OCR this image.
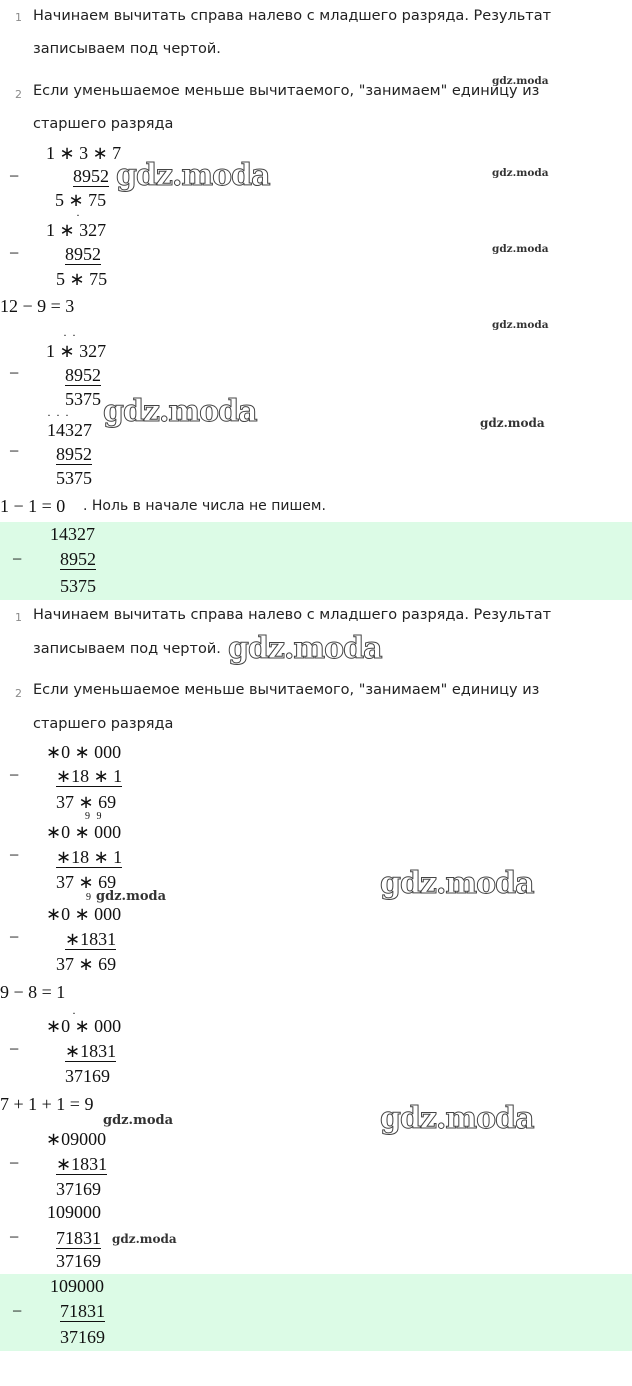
1 Начинаем вычитать справа налево с младшего разряда. Результат
записываем под чертой.
2 Если уменьшаемое меньше вычитаемого, "занимаем" единицу из
старшего разряда
1 ∗ 3 ∗ 7
−	8952
5 ∗ 75
·
1 ∗ 327
−	8952
5 ∗ 75
12 − 9 = 3
· ·
1 ∗ 327
−	8952
5375
· · ·
14327
− 8952
5375
1 − 1 = 0 . Ноль в начале числа не пишем.
14327
− 8952
5375
1 Начинаем вычитать справа налево с младшего разряда. Результат
записываем под чертой.
2 Если уменьшаемое меньше вычитаемого, "занимаем" единицу из
старшего разряда
∗0 ∗ 000
− ∗18 ∗ 1
37 ∗ 69
9 9
∗0 ∗ 000
− ∗18 ∗ 1
37 ∗ 69
9
∗0 ∗ 000
−	∗1831
37 ∗ 69
9 − 8 = 1
·
∗0 ∗ 000
−	∗1831
37169
7 + 1 + 1 = 9
∗09000
− ∗1831
37169
109000
− 71831
37169
109000
− 71831
37169
gdz.moda
gdz.moda
gdz.moda
gdz.moda
gdz.moda
gdz.moda
gdz.moda
gdz.moda
gdz.moda
gdz.moda
gdz.moda
gdz.moda
gdz.moda
